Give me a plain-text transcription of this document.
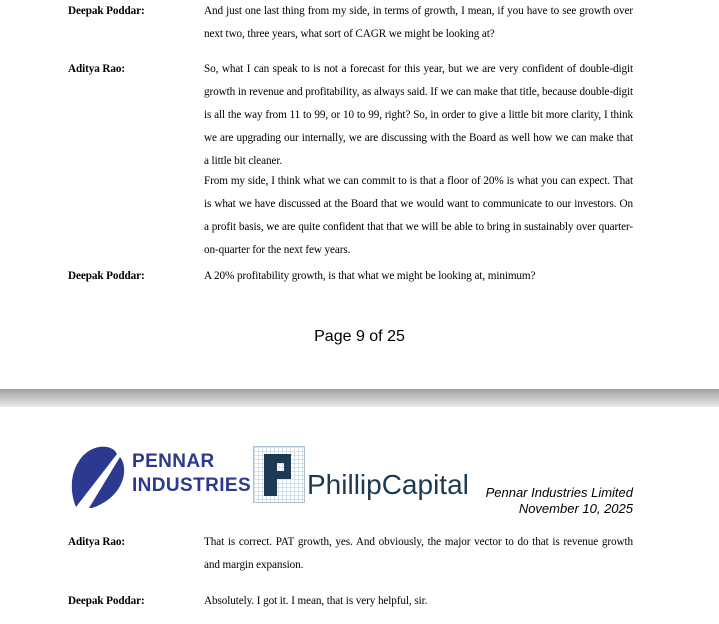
Deepak Poddar:	And just one last thing from my side, in terms of growth, I mean, if you have to see growth over next two, three years, what sort of CAGR we might be looking at?
Aditya Rao:	So, what I can speak to is not a forecast for this year, but we are very confident of double-digit growth in revenue and profitability, as always said. If we can make that title, because double-digit is all the way from 11 to 99, or 10 to 99, right? So, in order to give a little bit more clarity, I think we are upgrading our internally, we are discussing with the Board as well how we can make that a little bit cleaner.
From my side, I think what we can commit to is that a floor of 20% is what you can expect. That is what we have discussed at the Board that we would want to communicate to our investors. On a profit basis, we are quite confident that that we will be able to bring in sustainably over quarter-on-quarter for the next few years.
Deepak Poddar:	A 20% profitability growth, is that what we might be looking at, minimum?
Page 9 of 25
PENNAR
INDUSTRIES PhillipCapital Pennar Industries Limited
November 10, 2025
Aditya Rao:	That is correct. PAT growth, yes. And obviously, the major vector to do that is revenue growth and margin expansion.
Deepak Poddar:	Absolutely. I got it. I mean, that is very helpful, sir.
